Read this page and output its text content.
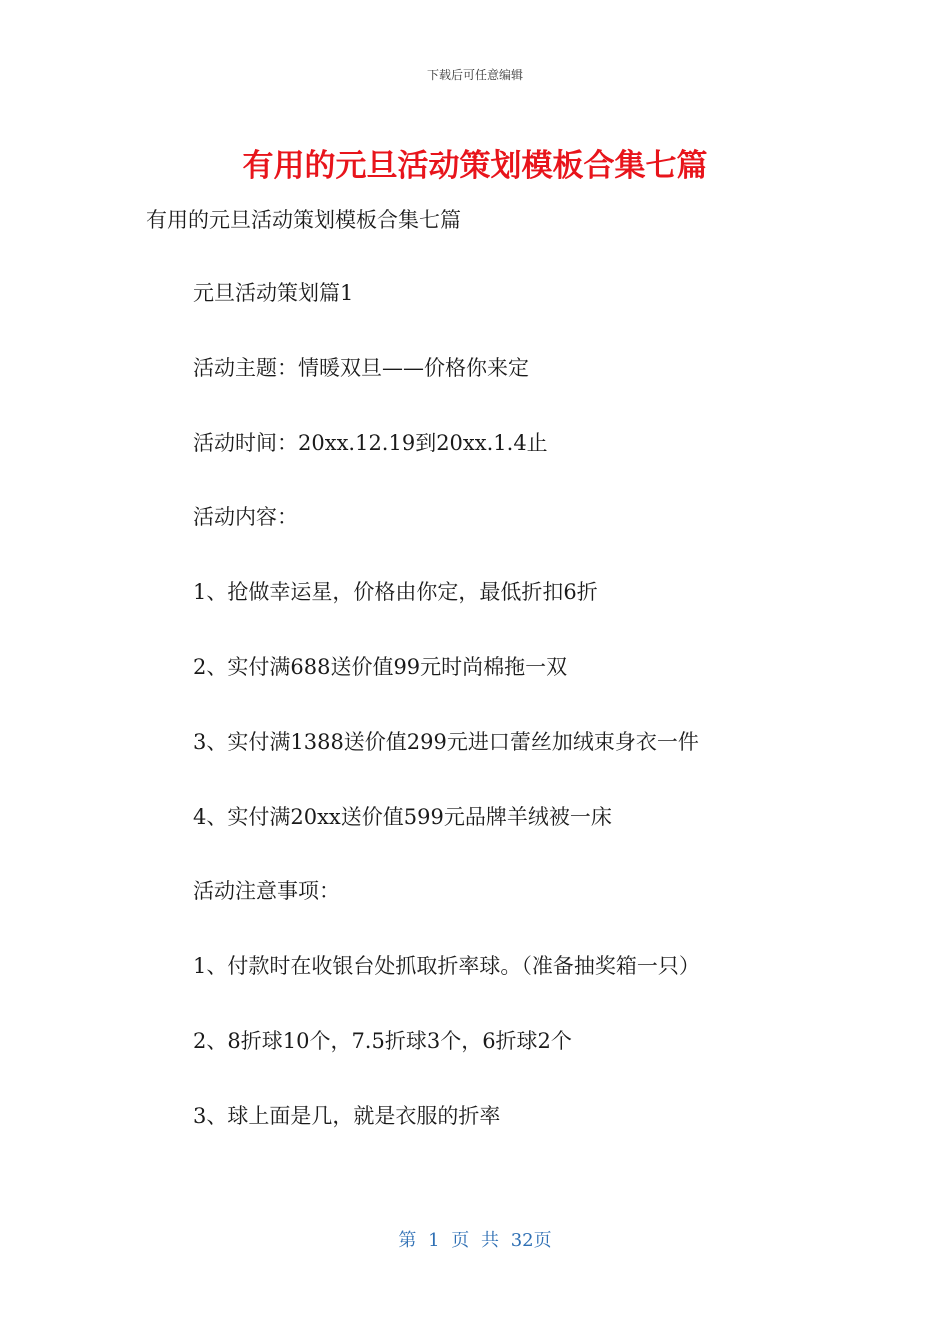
下载后可任意编辑
有用的元旦活动策划模板合集七篇
有用的元旦活动策划模板合集七篇
元旦活动策划篇1
活动主题：情暖双旦——价格你来定
活动时间：20xx.12.19到20xx.1.4止
活动内容：
1、抢做幸运星，价格由你定，最低折扣6折
2、实付满688送价值99元时尚棉拖一双
3、实付满1388送价值299元进口蕾丝加绒束身衣一件
4、实付满20xx送价值599元品牌羊绒被一床
活动注意事项：
1、付款时在收银台处抓取折率球。（准备抽奖箱一只）
2、8折球10个，7.5折球3个，6折球2个
3、球上面是几，就是衣服的折率
第 1 页 共 32页
